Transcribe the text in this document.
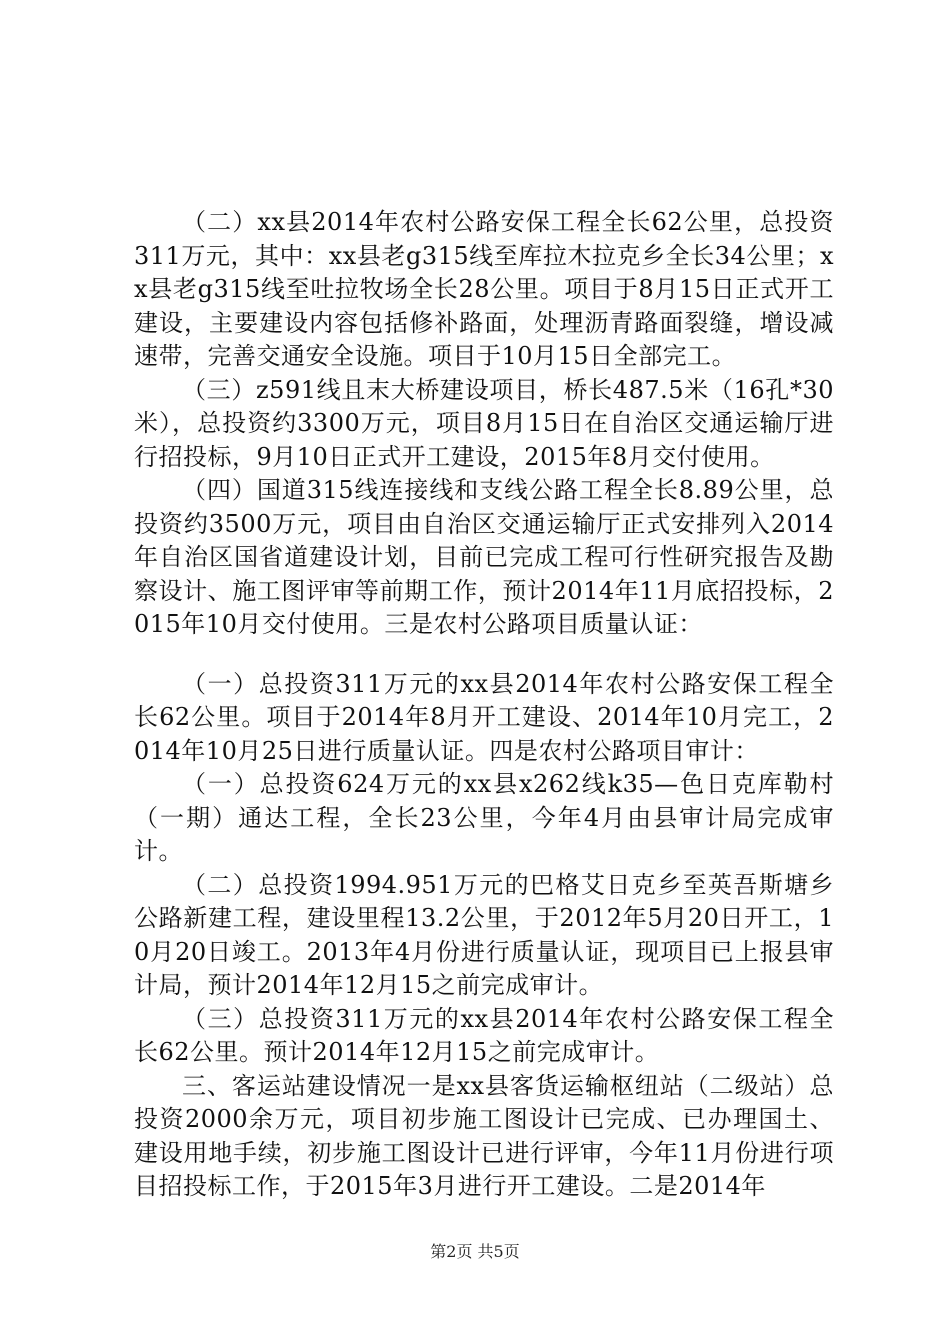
（二）xx县2014年农村公路安保工程全长62公里，总投资311万元，其中：xx县老g315线至库拉木拉克乡全长34公里；xx县老g315线至吐拉牧场全长28公里。项目于8月15日正式开工建设，主要建设内容包括修补路面，处理沥青路面裂缝，增设减速带，完善交通安全设施。项目于10月15日全部完工。

（三）z591线且末大桥建设项目，桥长487.5米（16孔*30米），总投资约3300万元，项目8月15日在自治区交通运输厅进行招投标，9月10日正式开工建设，2015年8月交付使用。

（四）国道315线连接线和支线公路工程全长8.89公里，总投资约3500万元，项目由自治区交通运输厅正式安排列入2014年自治区国省道建设计划，目前已完成工程可行性研究报告及勘察设计、施工图评审等前期工作，预计2014年11月底招投标，2015年10月交付使用。三是农村公路项目质量认证：

（一）总投资311万元的xx县2014年农村公路安保工程全长62公里。项目于2014年8月开工建设、2014年10月完工，2014年10月25日进行质量认证。四是农村公路项目审计：

（一）总投资624万元的xx县x262线k35—色日克库勒村（一期）通达工程，全长23公里，今年4月由县审计局完成审计。

（二）总投资1994.951万元的巴格艾日克乡至英吾斯塘乡公路新建工程，建设里程13.2公里，于2012年5月20日开工，10月20日竣工。2013年4月份进行质量认证，现项目已上报县审计局，预计2014年12月15之前完成审计。

（三）总投资311万元的xx县2014年农村公路安保工程全长62公里。预计2014年12月15之前完成审计。

三、客运站建设情况一是xx县客货运输枢纽站（二级站）总投资2000余万元，项目初步施工图设计已完成、已办理国土、建设用地手续，初步施工图设计已进行评审，今年11月份进行项目招投标工作，于2015年3月进行开工建设。二是2014年

第2页 共5页
